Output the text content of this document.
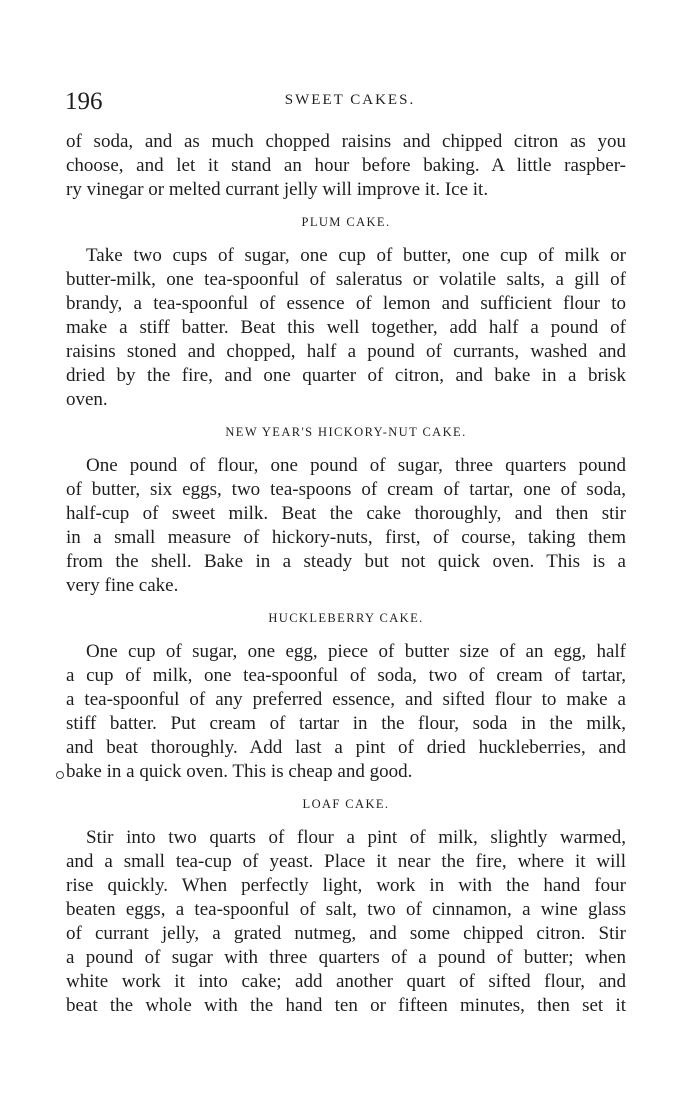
196	SWEET CAKES.
of soda, and as much chopped raisins and chipped citron as you
choose, and let it stand an hour before baking. A little raspber-
ry vinegar or melted currant jelly will improve it. Ice it.
PLUM CAKE.
Take two cups of sugar, one cup of butter, one cup of milk or
butter-milk, one tea-spoonful of saleratus or volatile salts, a gill of
brandy, a tea-spoonful of essence of lemon and sufficient flour to
make a stiff batter. Beat this well together, add half a pound of
raisins stoned and chopped, half a pound of currants, washed and
dried by the fire, and one quarter of citron, and bake in a brisk
oven.
NEW YEAR'S HICKORY-NUT CAKE.
One pound of flour, one pound of sugar, three quarters pound
of butter, six eggs, two tea-spoons of cream of tartar, one of soda,
half-cup of sweet milk. Beat the cake thoroughly, and then stir
in a small measure of hickory-nuts, first, of course, taking them
from the shell. Bake in a steady but not quick oven. This is a
very fine cake.
HUCKLEBERRY CAKE.
One cup of sugar, one egg, piece of butter size of an egg, half
a cup of milk, one tea-spoonful of soda, two of cream of tartar,
a tea-spoonful of any preferred essence, and sifted flour to make a
stiff batter. Put cream of tartar in the flour, soda in the milk,
and beat thoroughly. Add last a pint of dried huckleberries, and
bake in a quick oven. This is cheap and good.
LOAF CAKE.
Stir into two quarts of flour a pint of milk, slightly warmed,
and a small tea-cup of yeast. Place it near the fire, where it will
rise quickly. When perfectly light, work in with the hand four
beaten eggs, a tea-spoonful of salt, two of cinnamon, a wine glass
of currant jelly, a grated nutmeg, and some chipped citron. Stir
a pound of sugar with three quarters of a pound of butter; when
white work it into cake; add another quart of sifted flour, and
beat the whole with the hand ten or fifteen minutes, then set it
